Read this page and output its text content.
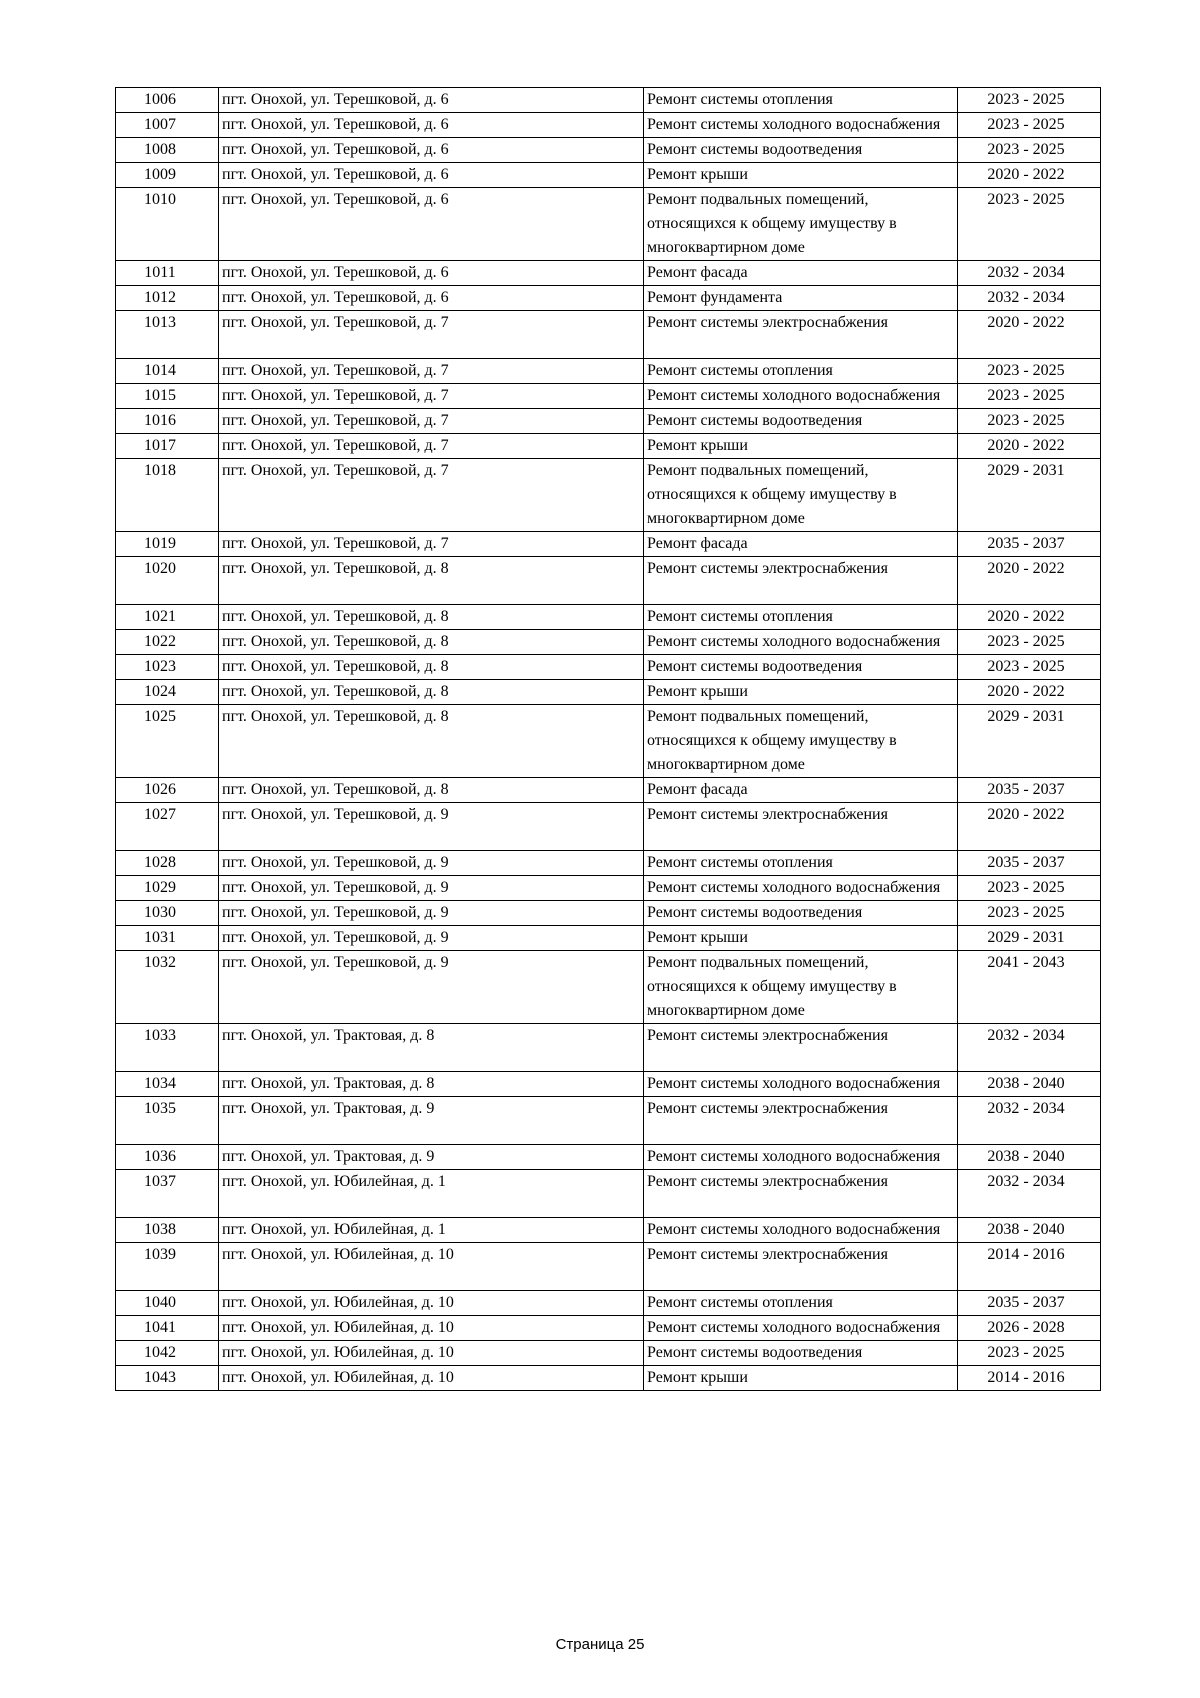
1006	пгт. Онохой, ул. Терешковой, д. 6	Ремонт системы отопления	2023 - 2025
1007	пгт. Онохой, ул. Терешковой, д. 6	Ремонт системы холодного водоснабжения	2023 - 2025
1008	пгт. Онохой, ул. Терешковой, д. 6	Ремонт системы водоотведения	2023 - 2025
1009	пгт. Онохой, ул. Терешковой, д. 6	Ремонт крыши	2020 - 2022
1010	пгт. Онохой, ул. Терешковой, д. 6	Ремонт подвальных помещений, относящихся к общему имуществу в многоквартирном доме	2023 - 2025
1011	пгт. Онохой, ул. Терешковой, д. 6	Ремонт фасада	2032 - 2034
1012	пгт. Онохой, ул. Терешковой, д. 6	Ремонт фундамента	2032 - 2034
1013	пгт. Онохой, ул. Терешковой, д. 7	Ремонт системы электроснабжения	2020 - 2022
1014	пгт. Онохой, ул. Терешковой, д. 7	Ремонт системы отопления	2023 - 2025
1015	пгт. Онохой, ул. Терешковой, д. 7	Ремонт системы холодного водоснабжения	2023 - 2025
1016	пгт. Онохой, ул. Терешковой, д. 7	Ремонт системы водоотведения	2023 - 2025
1017	пгт. Онохой, ул. Терешковой, д. 7	Ремонт крыши	2020 - 2022
1018	пгт. Онохой, ул. Терешковой, д. 7	Ремонт подвальных помещений, относящихся к общему имуществу в многоквартирном доме	2029 - 2031
1019	пгт. Онохой, ул. Терешковой, д. 7	Ремонт фасада	2035 - 2037
1020	пгт. Онохой, ул. Терешковой, д. 8	Ремонт системы электроснабжения	2020 - 2022
1021	пгт. Онохой, ул. Терешковой, д. 8	Ремонт системы отопления	2020 - 2022
1022	пгт. Онохой, ул. Терешковой, д. 8	Ремонт системы холодного водоснабжения	2023 - 2025
1023	пгт. Онохой, ул. Терешковой, д. 8	Ремонт системы водоотведения	2023 - 2025
1024	пгт. Онохой, ул. Терешковой, д. 8	Ремонт крыши	2020 - 2022
1025	пгт. Онохой, ул. Терешковой, д. 8	Ремонт подвальных помещений, относящихся к общему имуществу в многоквартирном доме	2029 - 2031
1026	пгт. Онохой, ул. Терешковой, д. 8	Ремонт фасада	2035 - 2037
1027	пгт. Онохой, ул. Терешковой, д. 9	Ремонт системы электроснабжения	2020 - 2022
1028	пгт. Онохой, ул. Терешковой, д. 9	Ремонт системы отопления	2035 - 2037
1029	пгт. Онохой, ул. Терешковой, д. 9	Ремонт системы холодного водоснабжения	2023 - 2025
1030	пгт. Онохой, ул. Терешковой, д. 9	Ремонт системы водоотведения	2023 - 2025
1031	пгт. Онохой, ул. Терешковой, д. 9	Ремонт крыши	2029 - 2031
1032	пгт. Онохой, ул. Терешковой, д. 9	Ремонт подвальных помещений, относящихся к общему имуществу в многоквартирном доме	2041 - 2043
1033	пгт. Онохой, ул. Трактовая, д. 8	Ремонт системы электроснабжения	2032 - 2034
1034	пгт. Онохой, ул. Трактовая, д. 8	Ремонт системы холодного водоснабжения	2038 - 2040
1035	пгт. Онохой, ул. Трактовая, д. 9	Ремонт системы электроснабжения	2032 - 2034
1036	пгт. Онохой, ул. Трактовая, д. 9	Ремонт системы холодного водоснабжения	2038 - 2040
1037	пгт. Онохой, ул. Юбилейная, д. 1	Ремонт системы электроснабжения	2032 - 2034
1038	пгт. Онохой, ул. Юбилейная, д. 1	Ремонт системы холодного водоснабжения	2038 - 2040
1039	пгт. Онохой, ул. Юбилейная, д. 10	Ремонт системы электроснабжения	2014 - 2016
1040	пгт. Онохой, ул. Юбилейная, д. 10	Ремонт системы отопления	2035 - 2037
1041	пгт. Онохой, ул. Юбилейная, д. 10	Ремонт системы холодного водоснабжения	2026 - 2028
1042	пгт. Онохой, ул. Юбилейная, д. 10	Ремонт системы водоотведения	2023 - 2025
1043	пгт. Онохой, ул. Юбилейная, д. 10	Ремонт крыши	2014 - 2016
Страница 25
